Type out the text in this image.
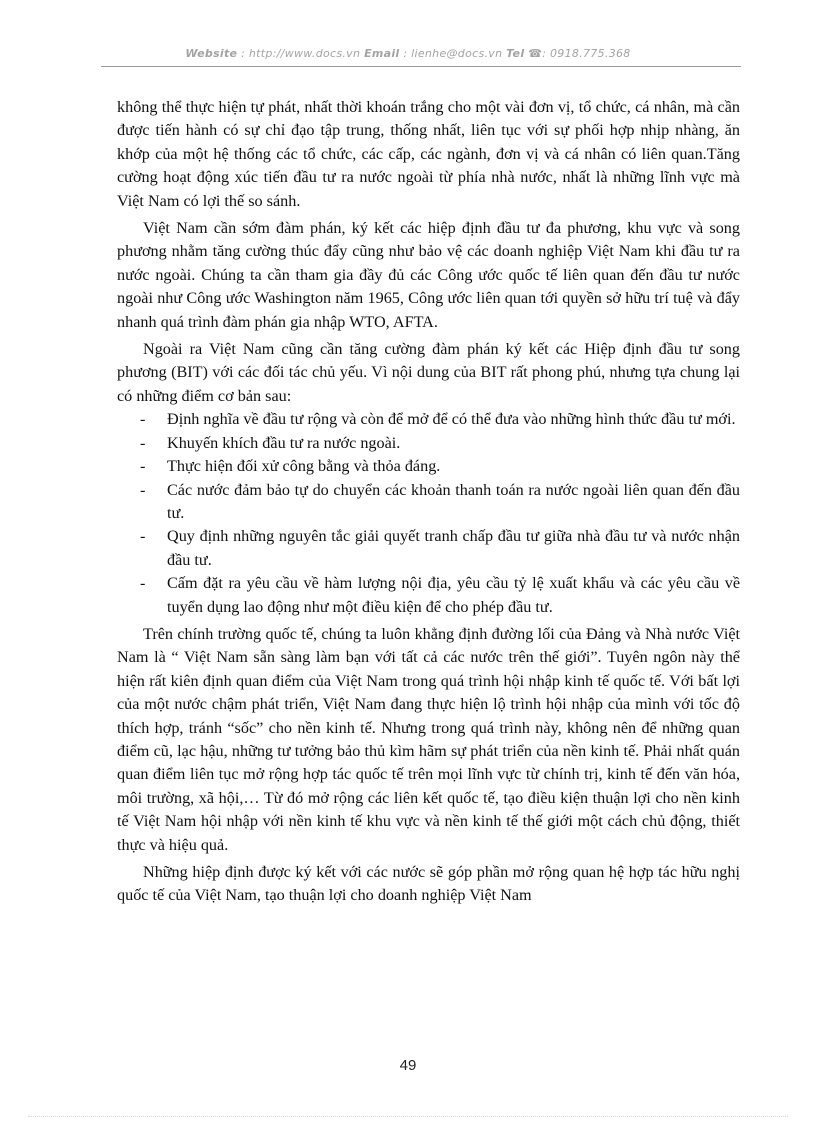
Website : http://www.docs.vn Email : lienhe@docs.vn Tel ☎: 0918.775.368

không thể thực hiện tự phát, nhất thời khoán trắng cho một vài đơn vị, tổ chức, cá nhân, mà cần được tiến hành có sự chỉ đạo tập trung, thống nhất, liên tục với sự phối hợp nhịp nhàng, ăn khớp của một hệ thống các tổ chức, các cấp, các ngành, đơn vị và cá nhân có liên quan.Tăng cường hoạt động xúc tiến đầu tư ra nước ngoài từ phía nhà nước, nhất là những lĩnh vực mà Việt Nam có lợi thế so sánh.

Việt Nam cần sớm đàm phán, ký kết các hiệp định đầu tư đa phương, khu vực và song phương nhằm tăng cường thúc đẩy cũng như bảo vệ các doanh nghiệp Việt Nam khi đầu tư ra nước ngoài. Chúng ta cần tham gia đầy đủ các Công ước quốc tế liên quan đến đầu tư nước ngoài như Công ước Washington năm 1965, Công ước liên quan tới quyền sở hữu trí tuệ và đẩy nhanh quá trình đàm phán gia nhập WTO, AFTA.

Ngoài ra Việt Nam cũng cần tăng cường đàm phán ký kết các Hiệp định đầu tư song phương (BIT) với các đối tác chủ yếu. Vì nội dung của BIT rất phong phú, nhưng tựa chung lại có những điểm cơ bản sau:

- Định nghĩa về đầu tư rộng và còn để mở để có thể đưa vào những hình thức đầu tư mới.
- Khuyến khích đầu tư ra nước ngoài.
- Thực hiện đối xử công bằng và thỏa đáng.
- Các nước đảm bảo tự do chuyển các khoản thanh toán ra nước ngoài liên quan đến đầu tư.
- Quy định những nguyên tắc giải quyết tranh chấp đầu tư giữa nhà đầu tư và nước nhận đầu tư.
- Cấm đặt ra yêu cầu về hàm lượng nội địa, yêu cầu tỷ lệ xuất khẩu và các yêu cầu về tuyển dụng lao động như một điều kiện để cho phép đầu tư.

Trên chính trường quốc tế, chúng ta luôn khẳng định đường lối của Đảng và Nhà nước Việt Nam là “ Việt Nam sẵn sàng làm bạn với tất cả các nước trên thế giới”. Tuyên ngôn này thể hiện rất kiên định quan điểm của Việt Nam trong quá trình hội nhập kinh tế quốc tế. Với bất lợi của một nước chậm phát triển, Việt Nam đang thực hiện lộ trình hội nhập của mình với tốc độ thích hợp, tránh “sốc” cho nền kinh tế. Nhưng trong quá trình này, không nên để những quan điểm cũ, lạc hậu, những tư tưởng bảo thủ kìm hãm sự phát triển của nền kinh tế. Phải nhất quán quan điểm liên tục mở rộng hợp tác quốc tế trên mọi lĩnh vực từ chính trị, kinh tế đến văn hóa, môi trường, xã hội,… Từ đó mở rộng các liên kết quốc tế, tạo điều kiện thuận lợi cho nền kinh tế Việt Nam hội nhập với nền kinh tế khu vực và nền kinh tế thế giới một cách chủ động, thiết thực và hiệu quả.

Những hiệp định được ký kết với các nước sẽ góp phần mở rộng quan hệ hợp tác hữu nghị quốc tế của Việt Nam, tạo thuận lợi cho doanh nghiệp Việt Nam

49
